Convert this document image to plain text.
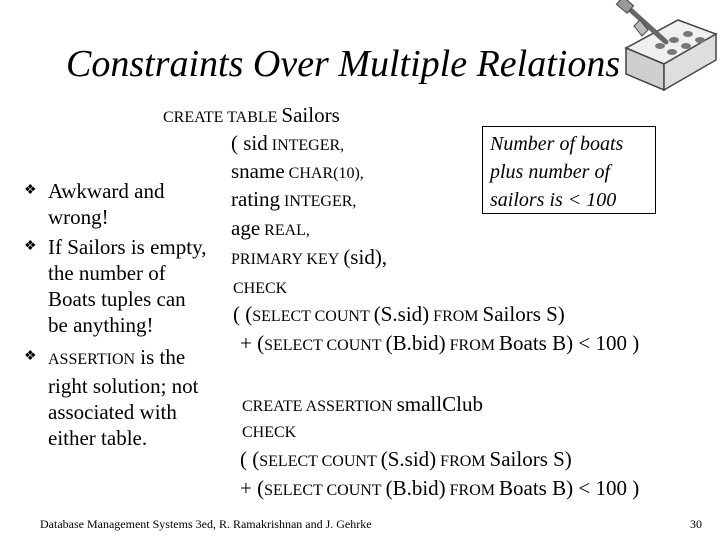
Constraints Over Multiple Relations
CREATE TABLE Sailors
( sid INTEGER,
sname CHAR(10),
rating INTEGER,
age REAL,
PRIMARY KEY (sid),
CHECK
( (SELECT COUNT (S.sid) FROM Sailors S)
+ (SELECT COUNT (B.bid) FROM Boats B) < 100 )
Number of boats
plus number of
sailors is < 100
❖ Awkward and
wrong!
❖ If Sailors is empty,
the number of
Boats tuples can
be anything!
❖ ASSERTION is the
right solution; not
associated with
either table.
CREATE ASSERTION smallClub
CHECK
( (SELECT COUNT (S.sid) FROM Sailors S)
+ (SELECT COUNT (B.bid) FROM Boats B) < 100 )
Database Management Systems 3ed, R. Ramakrishnan and J. Gehrke	30
